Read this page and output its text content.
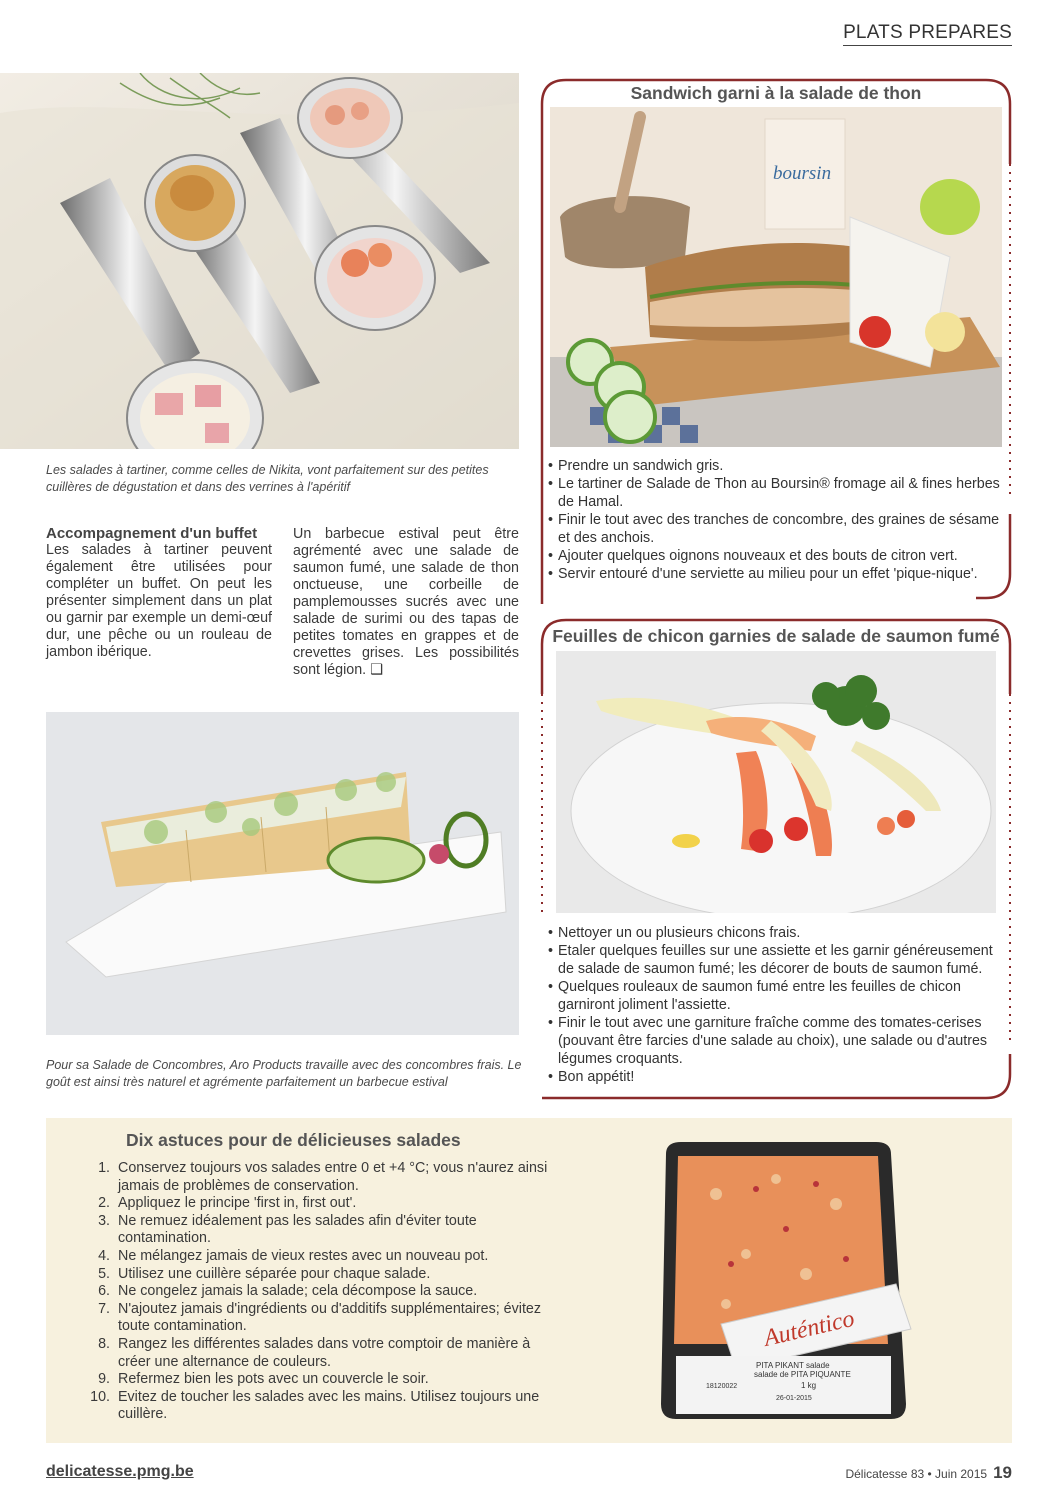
PLATS PREPARES
Les salades à tartiner, comme celles de Nikita, vont parfaitement sur des petites cuillères de dégustation et dans des verrines à l'apéritif
Accompagnement d'un buffet

Les salades à tartiner peuvent également être utilisées pour compléter un buffet. On peut les présenter simplement dans un plat ou garnir par exemple un demi-œuf dur, une pêche ou un rouleau de jambon ibérique.

Un barbecue estival peut être agrémenté avec une salade de saumon fumé, une salade de thon onctueuse, une corbeille de pamplemousses sucrés avec une salade de surimi ou des tapas de petites tomates en grappes et de crevettes grises. Les possibilités sont légion. ❑

Pour sa Salade de Concombres, Aro Products travaille avec des concombres frais. Le goût est ainsi très naturel et agrémente parfaitement un barbecue estival
Sandwich garni à la salade de thon
boursin
• Prendre un sandwich gris.
• Le tartiner de Salade de Thon au Boursin® fromage ail & fines herbes de Hamal.
• Finir le tout avec des tranches de concombre, des graines de sésame et des anchois.
• Ajouter quelques oignons nouveaux et des bouts de citron vert.
• Servir entouré d'une serviette au milieu pour un effet 'pique-nique'.
Feuilles de chicon garnies de salade de saumon fumé
• Nettoyer un ou plusieurs chicons frais.
• Etaler quelques feuilles sur une assiette et les garnir généreusement de salade de saumon fumé; les décorer de bouts de saumon fumé.
• Quelques rouleaux de saumon fumé entre les feuilles de chicon garniront joliment l'assiette.
• Finir le tout avec une garniture fraîche comme des tomates-cerises (pouvant être farcies d'une salade au choix), une salade ou d'autres légumes croquants.
• Bon appétit!
Dix astuces pour de délicieuses salades
1. Conservez toujours vos salades entre 0 et +4 °C; vous n'aurez ainsi jamais de problèmes de conservation.
2. Appliquez le principe 'first in, first out'.
3. Ne remuez idéalement pas les salades afin d'éviter toute contamination.
4. Ne mélangez jamais de vieux restes avec un nouveau pot.
5. Utilisez une cuillère séparée pour chaque salade.
6. Ne congelez jamais la salade; cela décompose la sauce.
7. N'ajoutez jamais d'ingrédients ou d'additifs supplémentaires; évitez toute contamination.
8. Rangez les différentes salades dans votre comptoir de manière à créer une alternance de couleurs.
9. Refermez bien les pots avec un couvercle le soir.
10. Evitez de toucher les salades avec les mains. Utilisez toujours une cuillère.
Auténtico
PITA PIKANT salade
salade de PITA PIQUANTE
18120022	1 kg
26-01-2015
delicatesse.pmg.be	Délicatesse 83 • Juin 2015 19
